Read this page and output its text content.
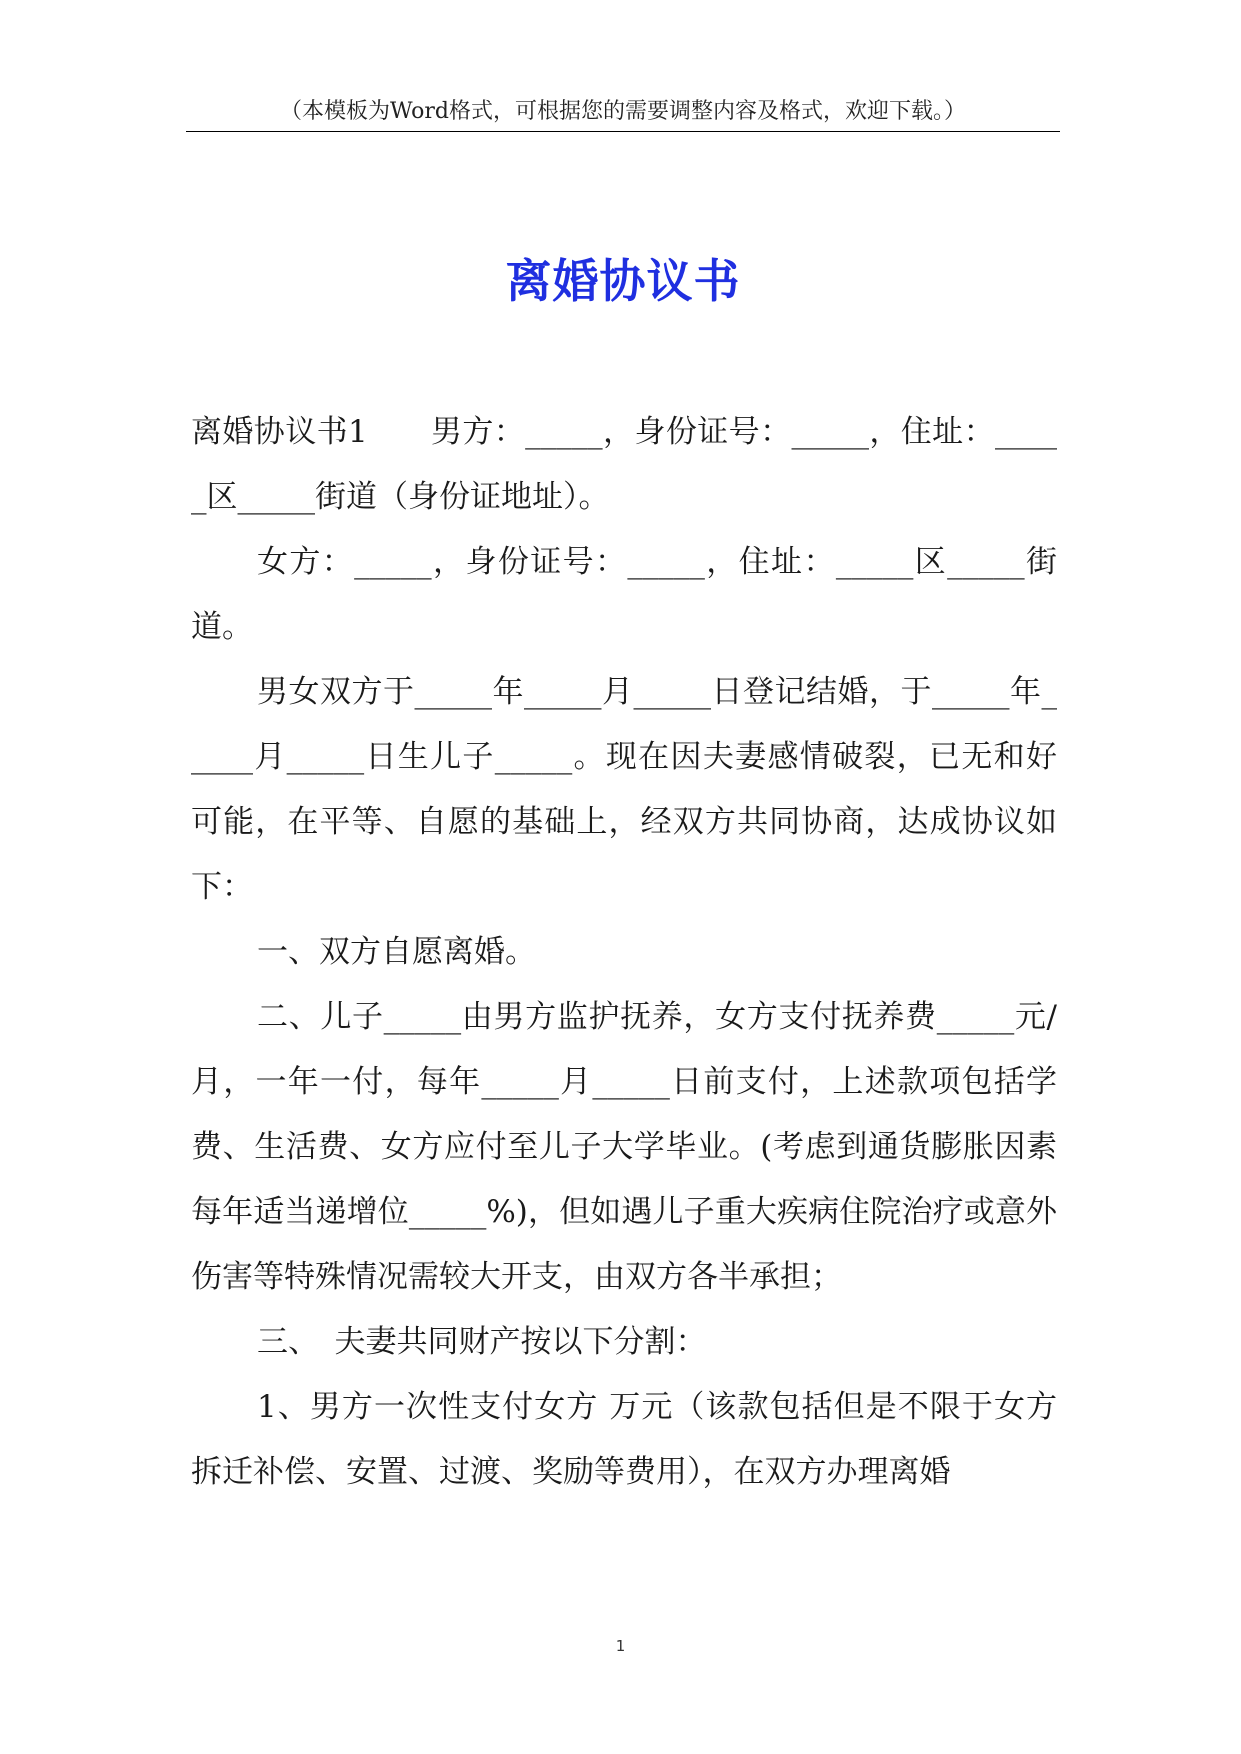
（本模板为Word格式，可根据您的需要调整内容及格式，欢迎下载。）
离婚协议书

离婚协议书1　　男方：_____，身份证号：_____，住址：_____区_____街道（身份证地址）。

女方：_____，身份证号：_____，住址：_____区_____街道。

男女双方于_____年_____月_____日登记结婚，于_____年_____月_____日生儿子_____。现在因夫妻感情破裂，已无和好可能，在平等、自愿的基础上，经双方共同协商，达成协议如下：

一、双方自愿离婚。

二、儿子_____由男方监护抚养，女方支付抚养费_____元/月，一年一付，每年_____月_____日前支付，上述款项包括学费、生活费、女方应付至儿子大学毕业。(考虑到通货膨胀因素每年适当递增位_____%)，但如遇儿子重大疾病住院治疗或意外伤害等特殊情况需较大开支，由双方各半承担；

三、　夫妻共同财产按以下分割：

1、男方一次性支付女方 万元（该款包括但是不限于女方拆迁补偿、安置、过渡、奖励等费用），在双方办理离婚

1
